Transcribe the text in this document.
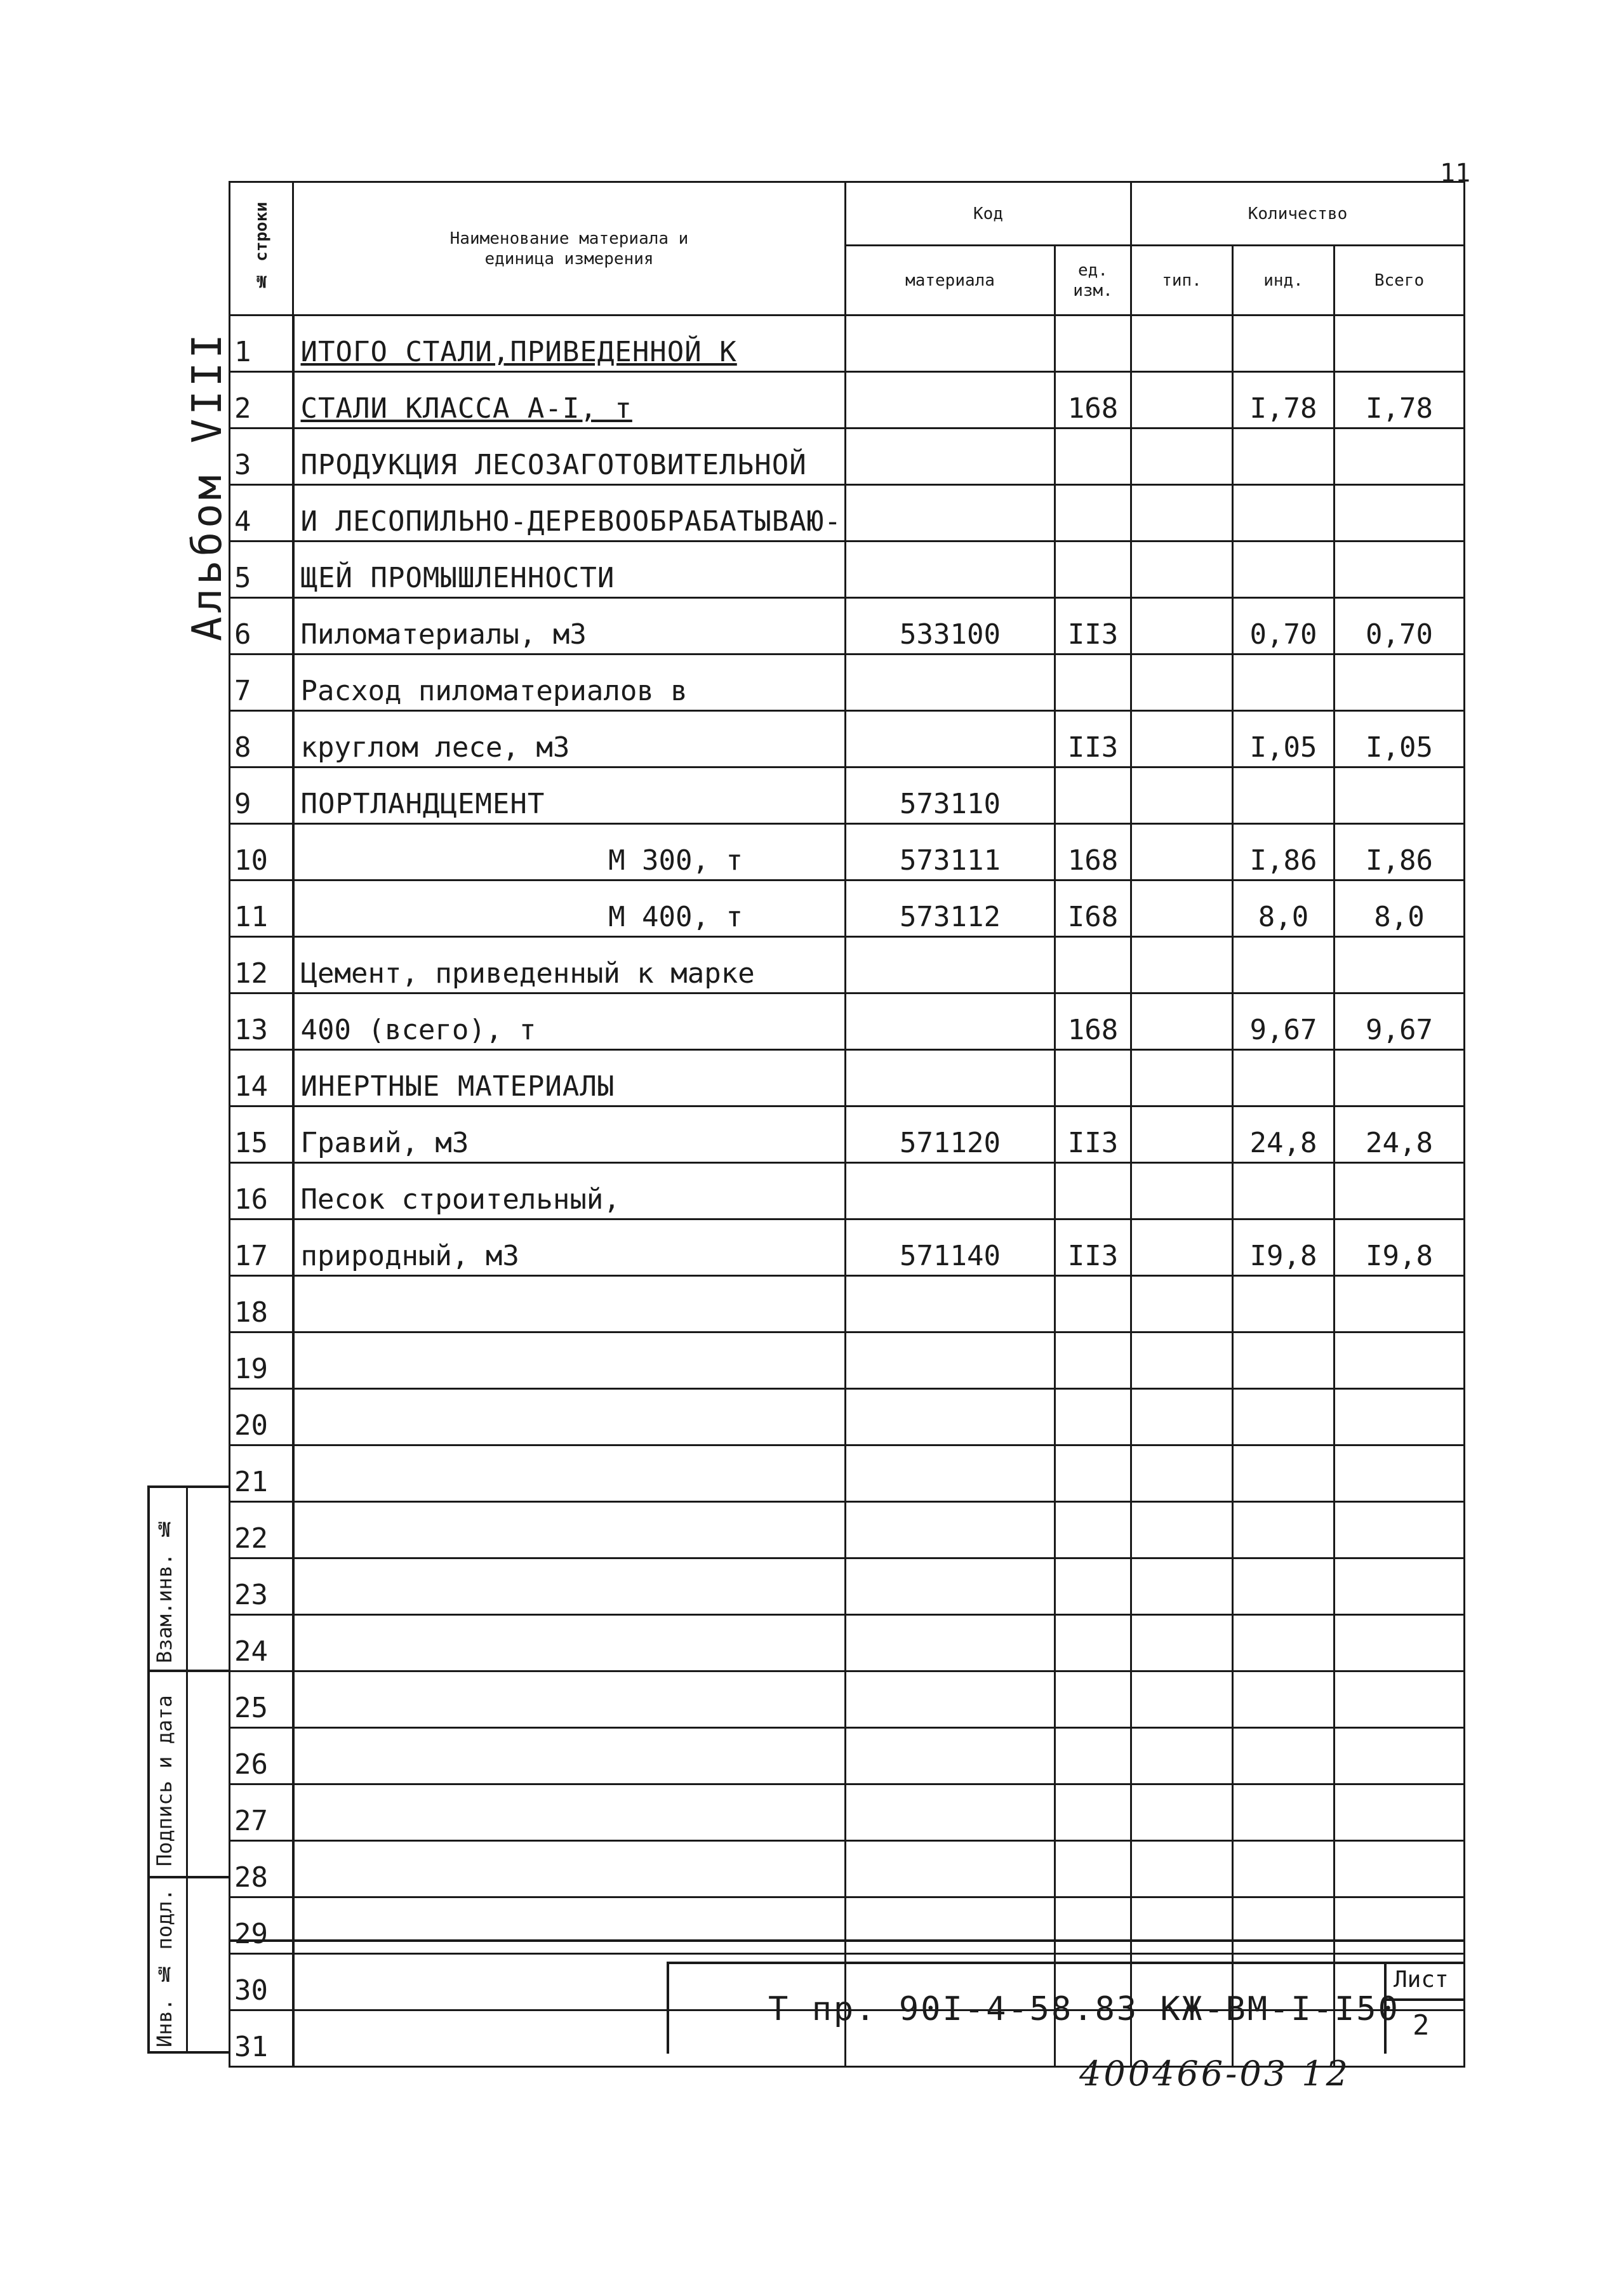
11
Альбом VIII
№ строки	Наименование материала и единица измерения	Код		Количество		
		материала	ед. изм.	тип.	инд.	Всего
1	ИТОГО СТАЛИ,ПРИВЕДЕННОЙ К					
2	СТАЛИ КЛАССА А-I, т		168		I,78	I,78
3	ПРОДУКЦИЯ ЛЕСОЗАГОТОВИТЕЛЬНОЙ					
4	И ЛЕСОПИЛЬНО-ДЕРЕВООБРАБАТЫВАЮ-					
5	ЩЕЙ ПРОМЫШЛЕННОСТИ					
6	Пиломатериалы, м3	533100	II3		0,70	0,70
7	Расход пиломатериалов в					
8	круглом лесе, м3		II3		I,05	I,05
9	ПОРТЛАНДЦЕМЕНТ	573110				
10	М 300, т	573111	168		I,86	I,86
11	М 400, т	573112	I68		8,0	8,0
12	Цемент, приведенный к марке					
13	400 (всего), т		168		9,67	9,67
14	ИНЕРТНЫЕ МАТЕРИАЛЫ					
15	Гравий, м3	571120	II3		24,8	24,8
16	Песок строительный,					
17	природный, м3	571140	II3		I9,8	I9,8
18						
19						
20						
21						
22						
23						
24						
25						
26						
27						
28						
29						
30						
31						
Т пр. 90I-4-58.83 КЖ-ВМ-I-I50
Лист
2
Взам.инв. №
Подпись и дата
Инв. № подл.
400466-03 12
